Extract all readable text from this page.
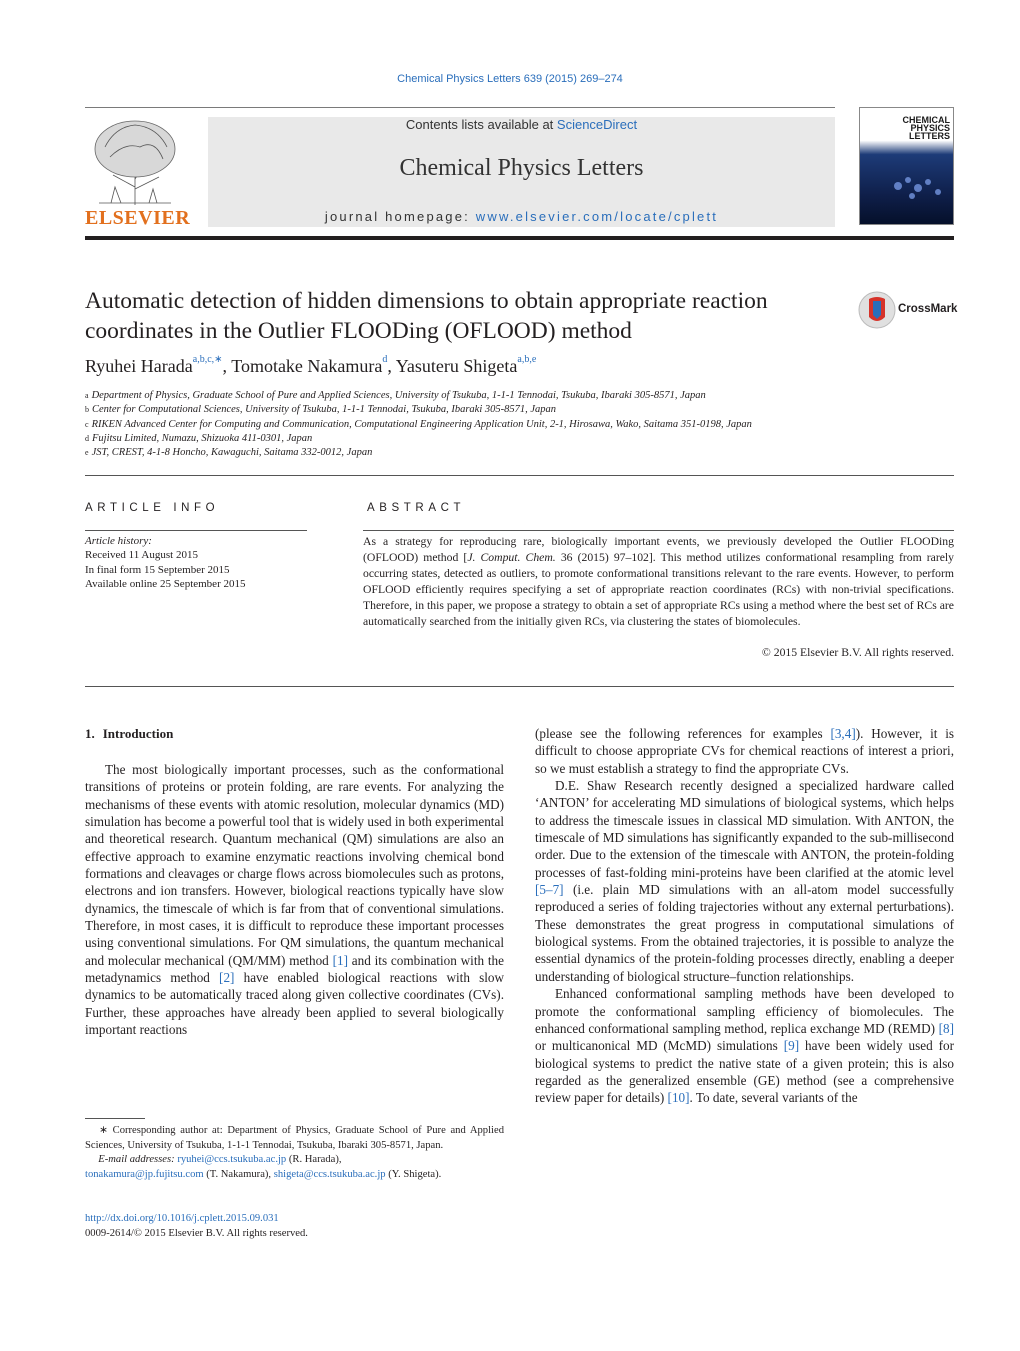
Chemical Physics Letters 639 (2015) 269–274
ELSEVIER
Contents lists available at ScienceDirect
Chemical Physics Letters
journal homepage: www.elsevier.com/locate/cplett
CHEMICAL PHYSICS LETTERS
Automatic detection of hidden dimensions to obtain appropriate reaction coordinates in the Outlier FLOODing (OFLOOD) method
CrossMark
Ryuhei Harada$^{a,b,c,∗}$, Tomotake Nakamura$^d$, Yasuteru Shigeta$^{a,b,e}$
$^a$ Department of Physics, Graduate School of Pure and Applied Sciences, University of Tsukuba, 1-1-1 Tennodai, Tsukuba, Ibaraki 305-8571, Japan
$^b$ Center for Computational Sciences, University of Tsukuba, 1-1-1 Tennodai, Tsukuba, Ibaraki 305-8571, Japan
$^c$ RIKEN Advanced Center for Computing and Communication, Computational Engineering Application Unit, 2-1, Hirosawa, Wako, Saitama 351-0198, Japan
$^d$ Fujitsu Limited, Numazu, Shizuoka 411-0301, Japan
$^e$ JST, CREST, 4-1-8 Honcho, Kawaguchi, Saitama 332-0012, Japan
ARTICLE INFO
Article history:
Received 11 August 2015
In final form 15 September 2015
Available online 25 September 2015
ABSTRACT
As a strategy for reproducing rare, biologically important events, we previously developed the Outlier FLOODing (OFLOOD) method [J. Comput. Chem. 36 (2015) 97–102]. This method utilizes conformational resampling from rarely occurring states, detected as outliers, to promote conformational transitions relevant to the rare events. However, to perform OFLOOD efficiently requires specifying a set of appropriate reaction coordinates (RCs) with non-trivial specifications. Therefore, in this paper, we propose a strategy to obtain a set of appropriate RCs using a method where the best set of RCs are automatically searched from the initially given RCs, via clustering the states of biomolecules.
© 2015 Elsevier B.V. All rights reserved.
1. Introduction

The most biologically important processes, such as the conformational transitions of proteins or protein folding, are rare events. For analyzing the mechanisms of these events with atomic resolution, molecular dynamics (MD) simulation has become a powerful tool that is widely used in both experimental and theoretical research. Quantum mechanical (QM) simulations are also an effective approach to examine enzymatic reactions involving chemical bond formations and cleavages or charge flows across biomolecules such as protons, electrons and ion transfers. However, biological reactions typically have slow dynamics, the timescale of which is far from that of conventional simulations. Therefore, in most cases, it is difficult to reproduce these important processes using conventional simulations. For QM simulations, the quantum mechanical and molecular mechanical (QM/MM) method [1] and its combination with the metadynamics method [2] have enabled biological reactions with slow dynamics to be automatically traced along given collective coordinates (CVs). Further, these approaches have already been applied to several biologically important reactions

(please see the following references for examples [3,4]). However, it is difficult to choose appropriate CVs for chemical reactions of interest a priori, so we must establish a strategy to find the appropriate CVs.

D.E. Shaw Research recently designed a specialized hardware called ‘ANTON’ for accelerating MD simulations of biological systems, which helps to address the timescale issues in classical MD simulation. With ANTON, the timescale of MD simulations has significantly expanded to the sub-millisecond order. Due to the extension of the timescale with ANTON, the protein-folding processes of fast-folding mini-proteins have been clarified at the atomic level [5–7] (i.e. plain MD simulations with an all-atom model successfully reproduced a series of folding trajectories without any external perturbations). These demonstrates the great progress in computational simulations of biological systems. From the obtained trajectories, it is possible to analyze the essential dynamics of the protein-folding processes directly, enabling a deeper understanding of biological structure–function relationships.

Enhanced conformational sampling methods have been developed to promote the conformational sampling efficiency of biomolecules. The enhanced conformational sampling method, replica exchange MD (REMD) [8] or multicanonical MD (McMD) simulations [9] have been widely used for biological systems to predict the native state of a given protein; this is also regarded as the generalized ensemble (GE) method (see a comprehensive review paper for details) [10]. To date, several variants of the

∗ Corresponding author at: Department of Physics, Graduate School of Pure and Applied Sciences, University of Tsukuba, 1-1-1 Tennodai, Tsukuba, Ibaraki 305-8571, Japan.
E-mail addresses: ryuhei@ccs.tsukuba.ac.jp (R. Harada),
tonakamura@jp.fujitsu.com (T. Nakamura), shigeta@ccs.tsukuba.ac.jp (Y. Shigeta).
http://dx.doi.org/10.1016/j.cplett.2015.09.031
0009-2614/© 2015 Elsevier B.V. All rights reserved.
